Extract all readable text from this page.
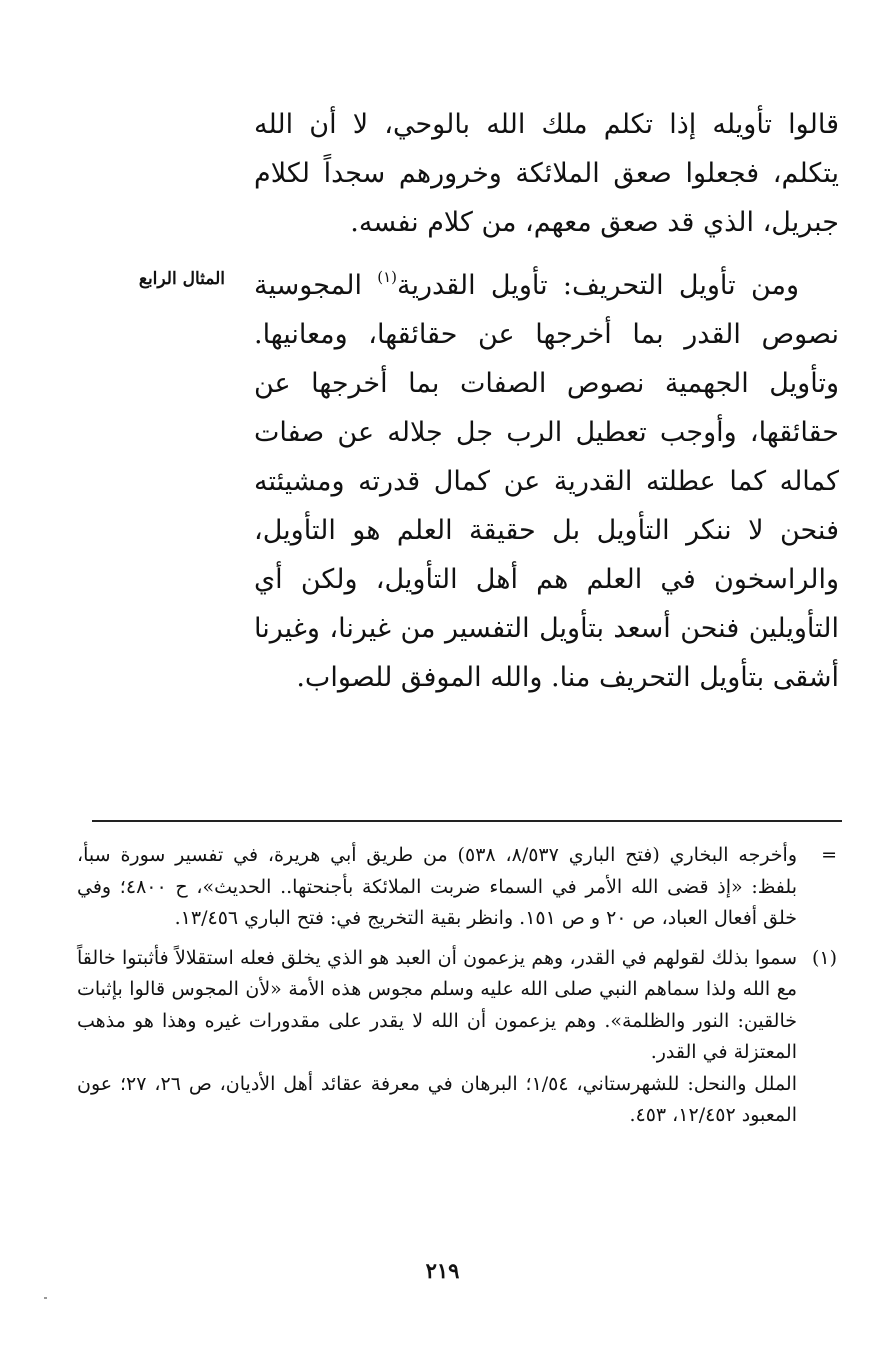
قالوا تأويله إذا تكلم ملك الله بالوحي، لا أن الله يتكلم، فجعلوا صعق الملائكة وخرورهم سجداً لكلام جبريل، الذي قد صعق معهم، من كلام نفسه.

ومن تأويل التحريف: تأويل القدرية$^{(١)}$ المجوسية نصوص القدر بما أخرجها عن حقائقها، ومعانيها. وتأويل الجهمية نصوص الصفات بما أخرجها عن حقائقها، وأوجب تعطيل الرب جل جلاله عن صفات كماله كما عطلته القدرية عن كمال قدرته ومشيئته فنحن لا ننكر التأويل بل حقيقة العلم هو التأويل، والراسخون في العلم هم أهل التأويل، ولكن أي التأويلين فنحن أسعد بتأويل التفسير من غيرنا، وغيرنا أشقى بتأويل التحريف منا. والله الموفق للصواب.

المثال الرابع

=
وأخرجه البخاري (فتح الباري ٨/٥٣٧، ٥٣٨) من طريق أبي هريرة، في تفسير سورة سبأ، بلفظ: «إذ قضى الله الأمر في السماء ضربت الملائكة بأجنحتها.. الحديث»، ح ٤٨٠٠؛ وفي خلق أفعال العباد، ص ٢٠ و ص ١٥١. وانظر بقية التخريج في: فتح الباري ١٣/٤٥٦.

(١)
سموا بذلك لقولهم في القدر، وهم يزعمون أن العبد هو الذي يخلق فعله استقلالاً فأثبتوا خالقاً مع الله ولذا سماهم النبي صلى الله عليه وسلم مجوس هذه الأمة «لأن المجوس قالوا بإثبات خالقين: النور والظلمة». وهم يزعمون أن الله لا يقدر على مقدورات غيره وهذا هو مذهب المعتزلة في القدر.

الملل والنحل: للشهرستاني، ١/٥٤؛ البرهان في معرفة عقائد أهل الأديان، ص ٢٦، ٢٧؛ عون المعبود ١٢/٤٥٢، ٤٥٣.

٢١٩
